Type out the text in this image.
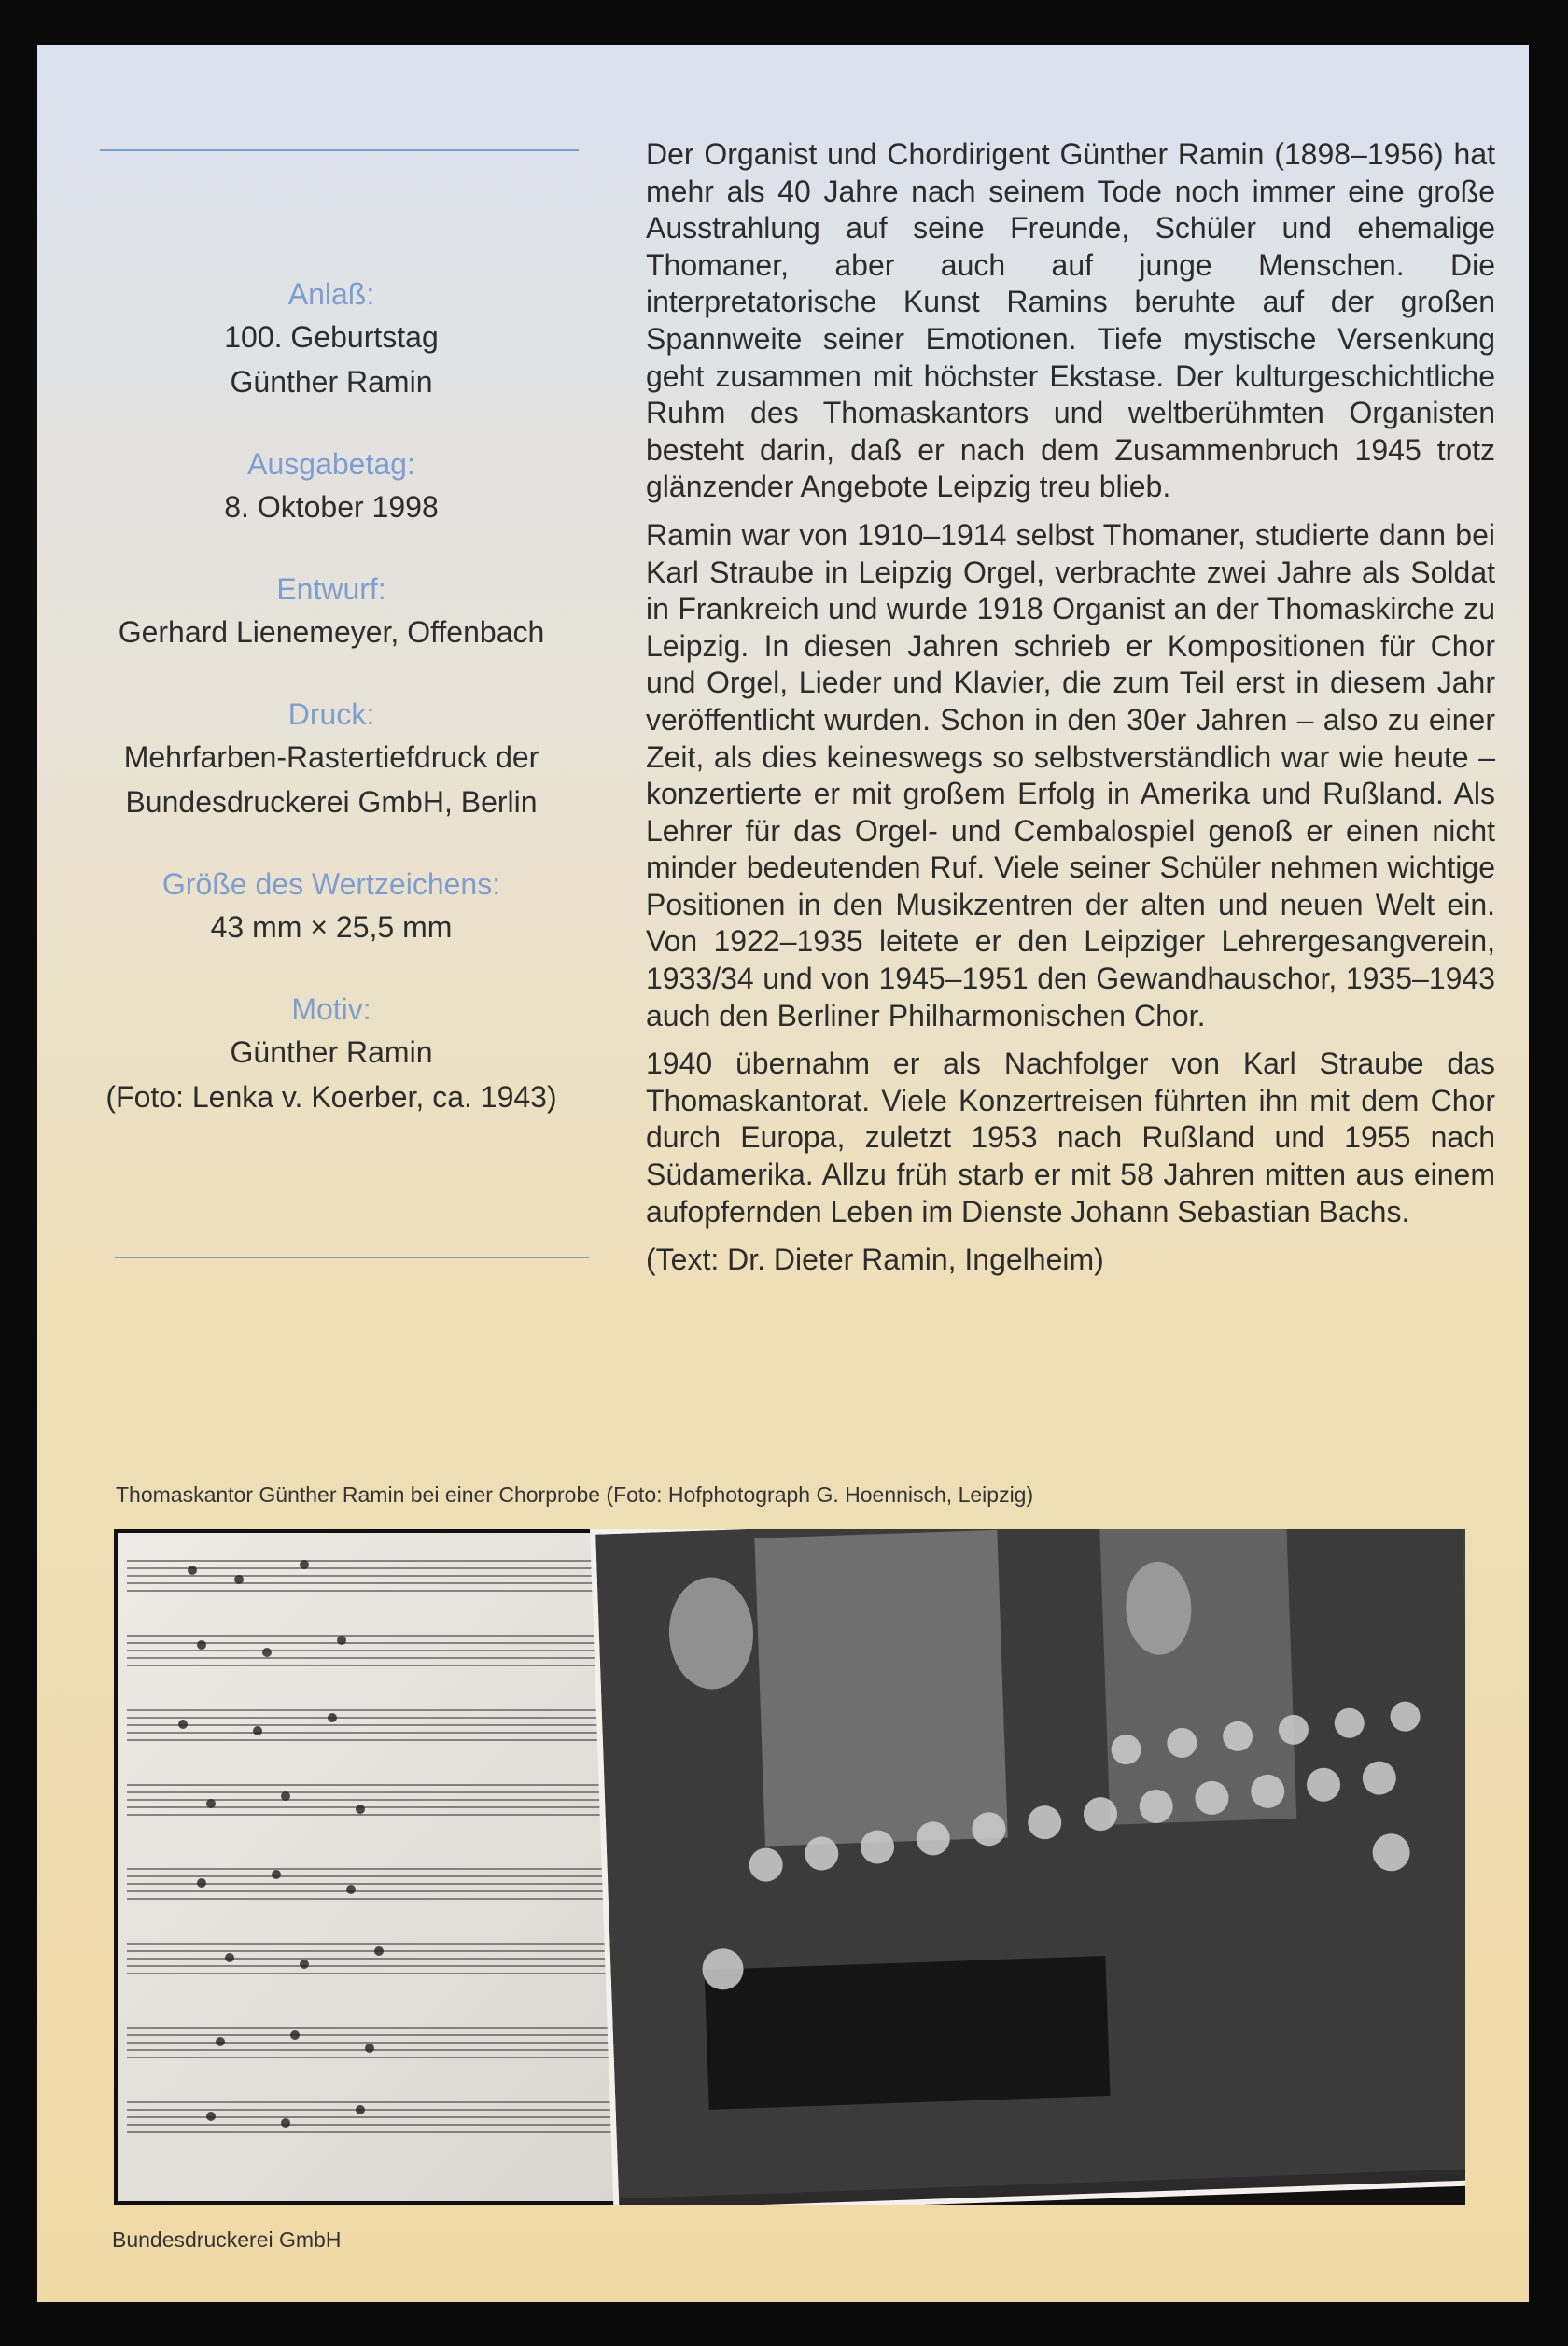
Anlaß:
100. Geburtstag
Günther Ramin
Ausgabetag:
8. Oktober 1998
Entwurf:
Gerhard Lienemeyer, Offenbach
Druck:
Mehrfarben-Rastertiefdruck der
Bundesdruckerei GmbH, Berlin
Größe des Wertzeichens:
43 mm × 25,5 mm
Motiv:
Günther Ramin
(Foto: Lenka v. Koerber, ca. 1943)

Der Organist und Chordirigent Günther Ramin (1898–1956) hat mehr als 40 Jahre nach seinem Tode noch immer eine große Ausstrahlung auf seine Freunde, Schüler und ehemalige Thomaner, aber auch auf junge Menschen. Die interpretatorische Kunst Ramins beruhte auf der großen Spannweite seiner Emotionen. Tiefe mystische Versenkung geht zusammen mit höchster Ekstase. Der kulturgeschichtliche Ruhm des Thomaskantors und weltberühmten Organisten besteht darin, daß er nach dem Zusammenbruch 1945 trotz glänzender Angebote Leipzig treu blieb.

Ramin war von 1910–1914 selbst Thomaner, studierte dann bei Karl Straube in Leipzig Orgel, verbrachte zwei Jahre als Soldat in Frankreich und wurde 1918 Organist an der Thomaskirche zu Leipzig. In diesen Jahren schrieb er Kompositionen für Chor und Orgel, Lieder und Klavier, die zum Teil erst in diesem Jahr veröffentlicht wurden. Schon in den 30er Jahren – also zu einer Zeit, als dies keineswegs so selbstverständlich war wie heute – konzertierte er mit großem Erfolg in Amerika und Rußland. Als Lehrer für das Orgel- und Cembalospiel genoß er einen nicht minder bedeutenden Ruf. Viele seiner Schüler nehmen wichtige Positionen in den Musikzentren der alten und neuen Welt ein. Von 1922–1935 leitete er den Leipziger Lehrergesangverein, 1933/34 und von 1945–1951 den Gewandhauschor, 1935–1943 auch den Berliner Philharmonischen Chor.

1940 übernahm er als Nachfolger von Karl Straube das Thomaskantorat. Viele Konzertreisen führten ihn mit dem Chor durch Europa, zuletzt 1953 nach Rußland und 1955 nach Südamerika. Allzu früh starb er mit 58 Jahren mitten aus einem aufopfernden Leben im Dienste Johann Sebastian Bachs.

(Text: Dr. Dieter Ramin, Ingelheim)

Thomaskantor Günther Ramin bei einer Chorprobe (Foto: Hofphotograph G. Hoennisch, Leipzig)
Bundesdruckerei GmbH
